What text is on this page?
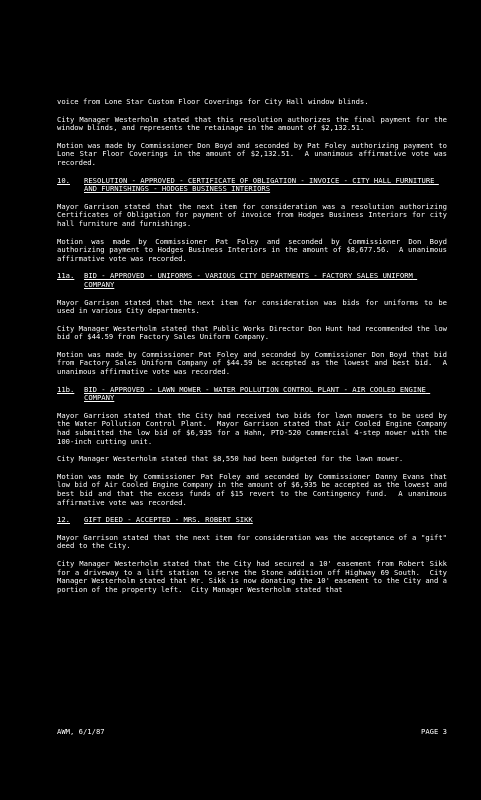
voice from Lone Star Custom Floor Coverings for City Hall window blinds.
City Manager Westerholm stated that this resolution authorizes the final payment for the window blinds, and represents the retainage in the amount of $2,132.51.
Motion was made by Commissioner Don Boyd and seconded by Pat Foley authorizing payment to Lone Star Floor Coverings in the amount of $2,132.51.  A unanimous affirmative vote was recorded.
10.	RESOLUTION - APPROVED - CERTIFICATE OF OBLIGATION - INVOICE - CITY HALL FURNITURE AND FURNISHINGS - HODGES BUSINESS INTERIORS
Mayor Garrison stated that the next item for consideration was a resolution authorizing Certificates of Obligation for payment of invoice from Hodges Business Interiors for city hall furniture and furnishings.
Motion was made by Commissioner Pat Foley and seconded by Commissioner Don Boyd authorizing payment to Hodges Business Interiors in the amount of $8,677.56.  A unanimous affirmative vote was recorded.
11a.	BID - APPROVED - UNIFORMS - VARIOUS CITY DEPARTMENTS - FACTORY SALES UNIFORM COMPANY
Mayor Garrison stated that the next item for consideration was bids for uniforms to be used in various City departments.
City Manager Westerholm stated that Public Works Director Don Hunt had recommended the low bid of $44.59 from Factory Sales Uniform Company.
Motion was made by Commissioner Pat Foley and seconded by Commissioner Don Boyd that bid from Factory Sales Uniform Company of $44.59 be accepted as the lowest and best bid.  A unanimous affirmative vote was recorded.
11b.	BID - APPROVED - LAWN MOWER - WATER POLLUTION CONTROL PLANT - AIR COOLED ENGINE COMPANY
Mayor Garrison stated that the City had received two bids for lawn mowers to be used by the Water Pollution Control Plant.  Mayor Garrison stated that Air Cooled Engine Company had submitted the low bid of $6,935 for a Hahn, PTO-520 Commercial 4-step mower with the 100-inch cutting unit.
City Manager Westerholm stated that $8,550 had been budgeted for the lawn mower.
Motion was made by Commissioner Pat Foley and seconded by Commissioner Danny Evans that low bid of Air Cooled Engine Company in the amount of $6,935 be accepted as the lowest and best bid and that the excess funds of $15 revert to the Contingency fund.  A unanimous affirmative vote was recorded.
12.	GIFT DEED - ACCEPTED - MRS. ROBERT SIKK
Mayor Garrison stated that the next item for consideration was the acceptance of a "gift" deed to the City.
City Manager Westerholm stated that the City had secured a 10' easement from Robert Sikk for a driveway to a lift station to serve the Stone addition off Highway 69 South.  City Manager Westerholm stated that Mr. Sikk is now donating the 10' easement to the City and a portion of the property left.  City Manager Westerholm stated that
AWM, 6/1/87	PAGE 3
